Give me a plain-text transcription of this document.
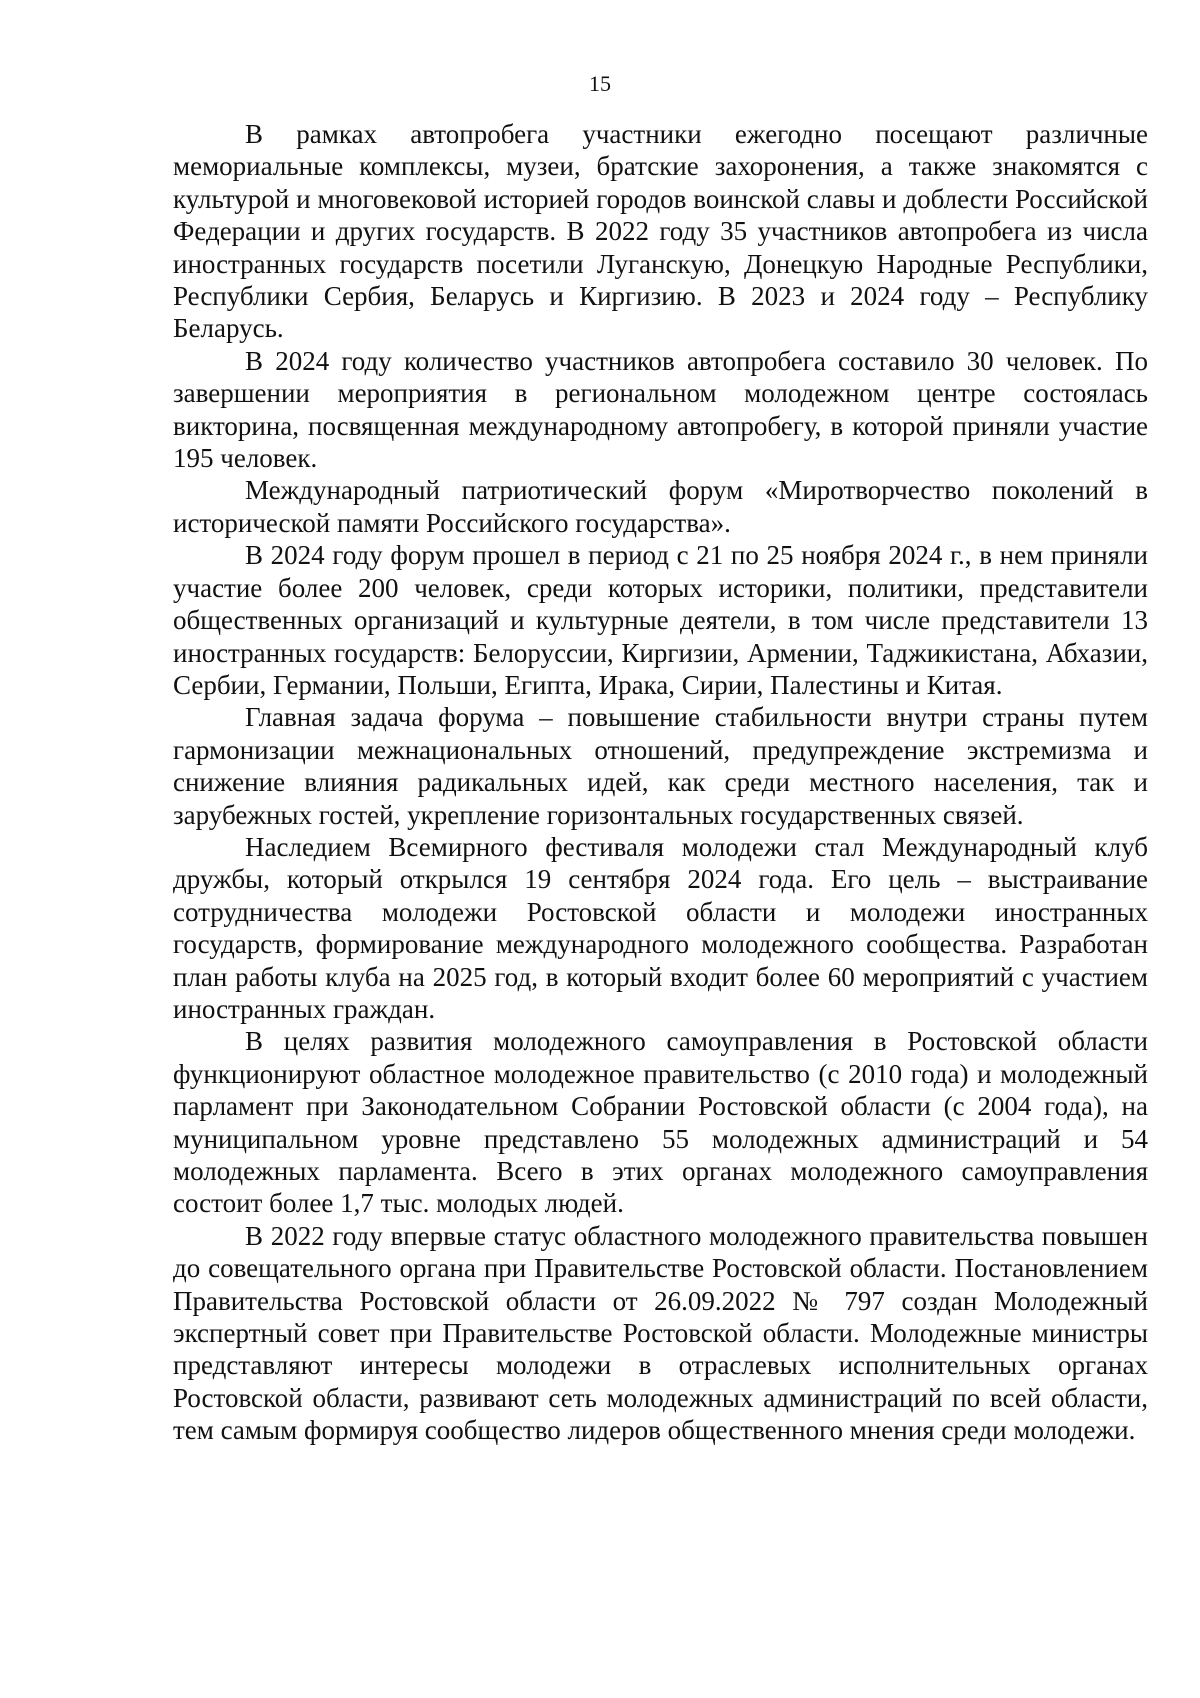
15

В рамках автопробега участники ежегодно посещают различные мемориальные комплексы, музеи, братские захоронения, а также знакомятся с культурой и многовековой историей городов воинской славы и доблести Российской Федерации и других государств. В 2022 году 35 участников автопробега из числа иностранных государств посетили Луганскую, Донецкую Народные Республики, Республики Сербия, Беларусь и Киргизию. В 2023 и 2024 году – Республику Беларусь.

В 2024 году количество участников автопробега составило 30 человек. По завершении мероприятия в региональном молодежном центре состоялась викторина, посвященная международному автопробегу, в которой приняли участие 195 человек.

Международный патриотический форум «Миротворчество поколений в исторической памяти Российского государства».

В 2024 году форум прошел в период с 21 по 25 ноября 2024 г., в нем приняли участие более 200 человек, среди которых историки, политики, представители общественных организаций и культурные деятели, в том числе представители 13 иностранных государств: Белоруссии, Киргизии, Армении, Таджикистана, Абхазии, Сербии, Германии, Польши, Египта, Ирака, Сирии, Палестины и Китая.

Главная задача форума – повышение стабильности внутри страны путем гармонизации межнациональных отношений, предупреждение экстремизма и снижение влияния радикальных идей, как среди местного населения, так и зарубежных гостей, укрепление горизонтальных государственных связей.

Наследием Всемирного фестиваля молодежи стал Международный клуб дружбы, который открылся 19 сентября 2024 года. Его цель – выстраивание сотрудничества молодежи Ростовской области и молодежи иностранных государств, формирование международного молодежного сообщества. Разработан план работы клуба на 2025 год, в который входит более 60 мероприятий с участием иностранных граждан.

В целях развития молодежного самоуправления в Ростовской области функционируют областное молодежное правительство (с 2010 года) и молодежный парламент при Законодательном Собрании Ростовской области (с 2004 года), на муниципальном уровне представлено 55 молодежных администраций и 54 молодежных парламента. Всего в этих органах молодежного самоуправления состоит более 1,7 тыс. молодых людей.

В 2022 году впервые статус областного молодежного правительства повышен до совещательного органа при Правительстве Ростовской области. Постановлением Правительства Ростовской области от 26.09.2022 № 797 создан Молодежный экспертный совет при Правительстве Ростовской области. Молодежные министры представляют интересы молодежи в отраслевых исполнительных органах Ростовской области, развивают сеть молодежных администраций по всей области, тем самым формируя сообщество лидеров общественного мнения среди молодежи.
